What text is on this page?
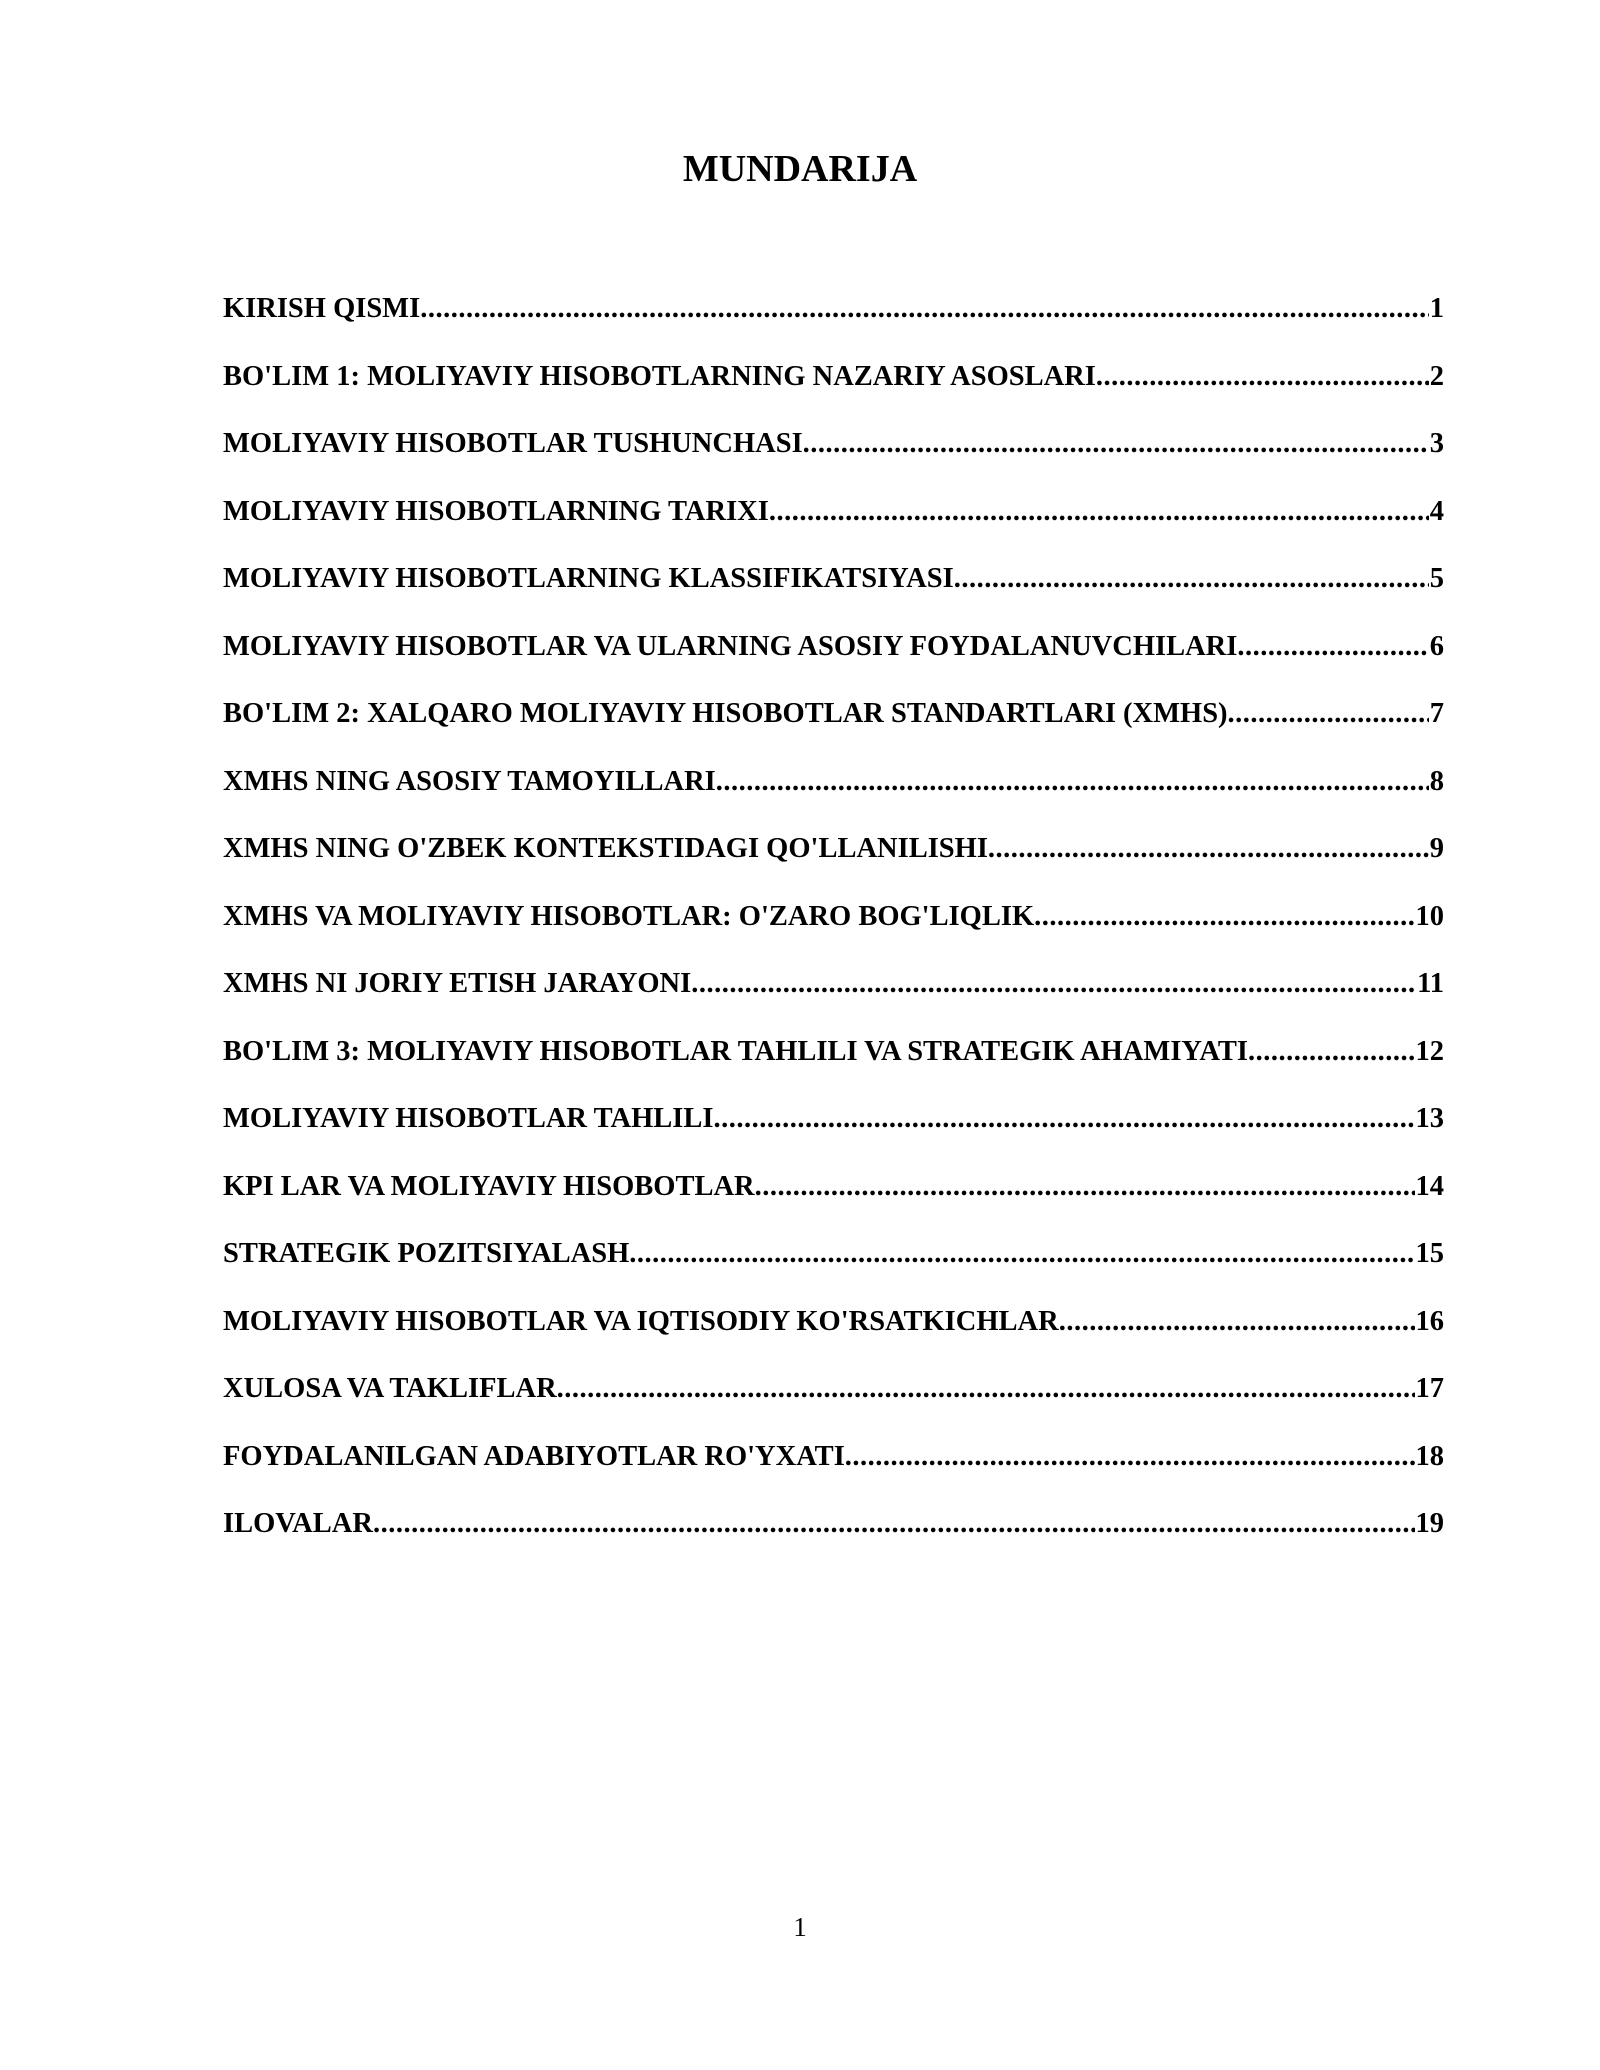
MUNDARIJA
KIRISH QISMI .....	1
BO'LIM 1: MOLIYAVIY HISOBOTLARNING NAZARIY ASOSLARI .....	2
MOLIYAVIY HISOBOTLAR TUSHUNCHASI .....	3
MOLIYAVIY HISOBOTLARNING TARIXI .....	4
MOLIYAVIY HISOBOTLARNING KLASSIFIKATSIYASI .....	5
MOLIYAVIY HISOBOTLAR VA ULARNING ASOSIY FOYDALANUVCHILARI .....	6
BO'LIM 2: XALQARO MOLIYAVIY HISOBOTLAR STANDARTLARI (XMHS) .....	7
XMHS NING ASOSIY TAMOYILLARI .....	8
XMHS NING O'ZBEK KONTEKSTIDAGI QO'LLANILISHI .....	9
XMHS VA MOLIYAVIY HISOBOTLAR: O'ZARO BOG'LIQLIK .....	10
XMHS NI JORIY ETISH JARAYONI .....	11
BO'LIM 3: MOLIYAVIY HISOBOTLAR TAHLILI VA STRATEGIK AHAMIYATI .....	12
MOLIYAVIY HISOBOTLAR TAHLILI .....	13
KPI LAR VA MOLIYAVIY HISOBOTLAR .....	14
STRATEGIK POZITSIYALASH .....	15
MOLIYAVIY HISOBOTLAR VA IQTISODIY KO'RSATKICHLAR .....	16
XULOSA VA TAKLIFLAR .....	17
FOYDALANILGAN ADABIYOTLAR RO'YXATI .....	18
ILOVALAR .....	19
1
